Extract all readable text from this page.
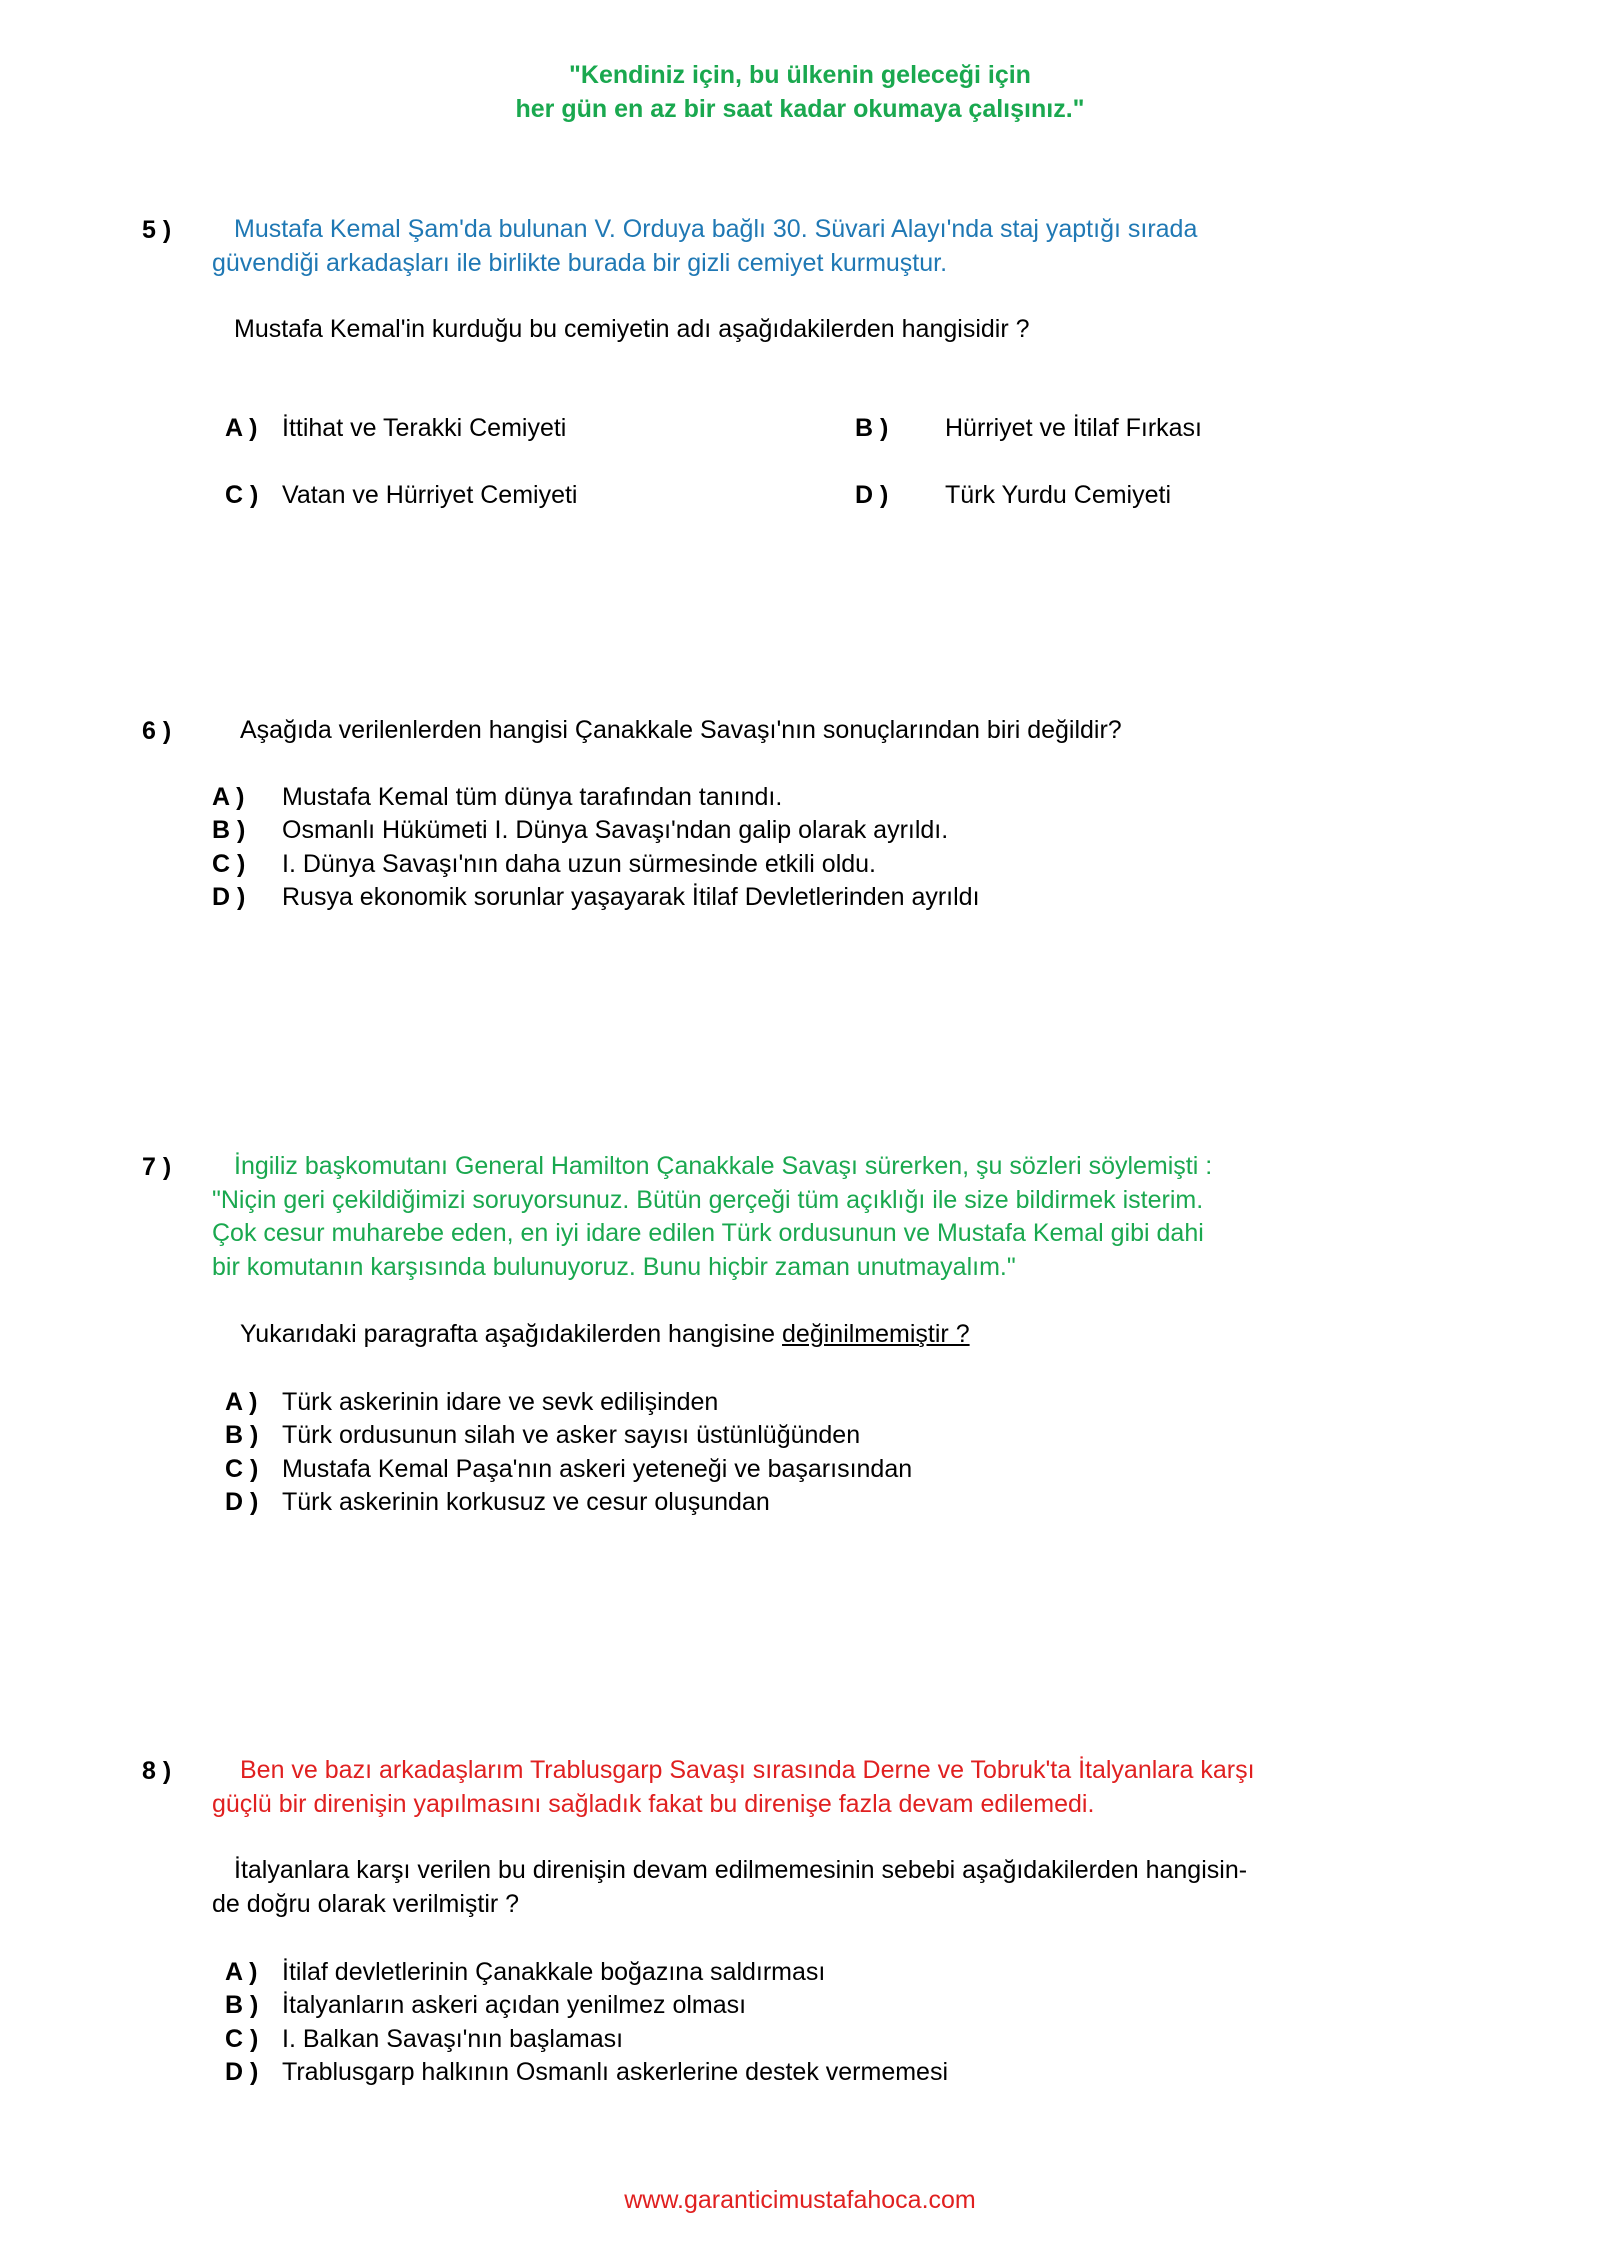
"Kendiniz için, bu ülkenin geleceği için
her gün en az bir saat kadar okumaya çalışınız."
5 )	Mustafa Kemal Şam'da bulunan V. Orduya bağlı 30. Süvari Alayı'nda staj yaptığı sırada
güvendiği arkadaşları ile birlikte burada bir gizli cemiyet kurmuştur.
Mustafa Kemal'in kurduğu bu cemiyetin adı aşağıdakilerden hangisidir ?
A ) İttihat ve Terakki Cemiyeti	B ) Hürriyet ve İtilaf Fırkası
C ) Vatan ve Hürriyet Cemiyeti	D ) Türk Yurdu Cemiyeti
6 )	Aşağıda verilenlerden hangisi Çanakkale Savaşı'nın sonuçlarından biri değildir?
A ) Mustafa Kemal tüm dünya tarafından tanındı.
B ) Osmanlı Hükümeti I. Dünya Savaşı'ndan galip olarak ayrıldı.
C ) I. Dünya Savaşı'nın daha uzun sürmesinde etkili oldu.
D ) Rusya ekonomik sorunlar yaşayarak İtilaf Devletlerinden ayrıldı
7 )	İngiliz başkomutanı General Hamilton Çanakkale Savaşı sürerken, şu sözleri söylemişti :
"Niçin geri çekildiğimizi soruyorsunuz. Bütün gerçeği tüm açıklığı ile size bildirmek isterim.
Çok cesur muharebe eden, en iyi idare edilen Türk ordusunun ve Mustafa Kemal gibi dahi
bir komutanın karşısında bulunuyoruz. Bunu hiçbir zaman unutmayalım."
Yukarıdaki paragrafta aşağıdakilerden hangisine değinilmemiştir ?
A ) Türk askerinin idare ve sevk edilişinden
B ) Türk ordusunun silah ve asker sayısı üstünlüğünden
C ) Mustafa Kemal Paşa'nın askeri yeteneği ve başarısından
D ) Türk askerinin korkusuz ve cesur oluşundan
8 )	Ben ve bazı arkadaşlarım Trablusgarp Savaşı sırasında Derne ve Tobruk'ta İtalyanlara karşı
güçlü bir direnişin yapılmasını sağladık fakat bu direnişe fazla devam edilemedi.
İtalyanlara karşı verilen bu direnişin devam edilmemesinin sebebi aşağıdakilerden hangisin-
de doğru olarak verilmiştir ?
A ) İtilaf devletlerinin Çanakkale boğazına saldırması
B ) İtalyanların askeri açıdan yenilmez olması
C ) I. Balkan Savaşı'nın başlaması
D ) Trablusgarp halkının Osmanlı askerlerine destek vermemesi
www.garanticimustafahoca.com
